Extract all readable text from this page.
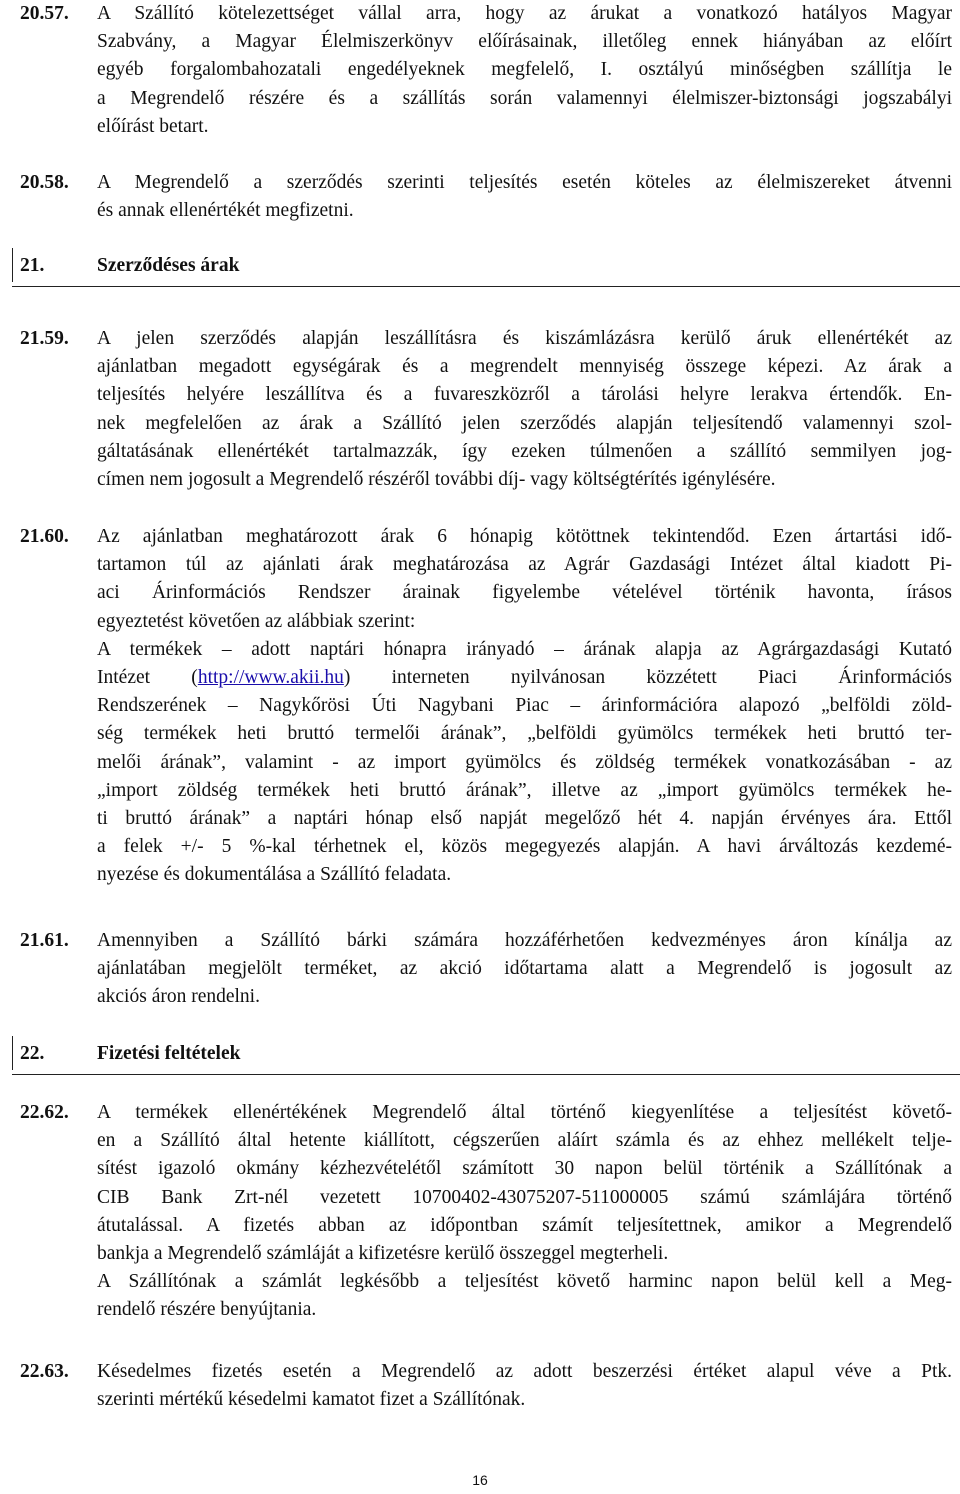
20.57.	A Szállító kötelezettséget vállal arra, hogy az árukat a vonatkozó hatályos Magyar
Szabvány, a Magyar Élelmiszerkönyv előírásainak, illetőleg ennek hiányában az előírt
egyéb forgalombahozatali engedélyeknek megfelelő, I. osztályú minőségben szállítja le
a Megrendelő részére és a szállítás során valamennyi élelmiszer-biztonsági jogszabályi
előírást betart.
20.58.	A Megrendelő a szerződés szerinti teljesítés esetén köteles az élelmiszereket átvenni
és annak ellenértékét megfizetni.
21.	Szerződéses árak
21.59.	A jelen szerződés alapján leszállításra és kiszámlázásra kerülő áruk ellenértékét az
ajánlatban megadott egységárak és a megrendelt mennyiség összege képezi. Az árak a
teljesítés helyére leszállítva és a fuvareszközről a tárolási helyre lerakva értendők. En-
nek megfelelően az árak a Szállító jelen szerződés alapján teljesítendő valamennyi szol-
gáltatásának ellenértékét tartalmazzák, így ezeken túlmenően a szállító semmilyen jog-
címen nem jogosult a Megrendelő részéről további díj- vagy költségtérítés igénylésére.
21.60.	Az ajánlatban meghatározott árak 6 hónapig kötöttnek tekintendőd. Ezen ártartási idő-
tartamon túl az ajánlati árak meghatározása az Agrár Gazdasági Intézet által kiadott Pi-
aci Árinformációs Rendszer árainak figyelembe vételével történik havonta, írásos
egyeztetést követően az alábbiak szerint:
A termékek – adott naptári hónapra irányadó – árának alapja az Agrárgazdasági Kutató
Intézet (http://www.akii.hu) interneten nyilvánosan közzétett Piaci Árinformációs
Rendszerének – Nagykőrösi Úti Nagybani Piac – árinformációra alapozó „belföldi zöld-
ség termékek heti bruttó termelői árának”, „belföldi gyümölcs termékek heti bruttó ter-
melői árának”, valamint - az import gyümölcs és zöldség termékek vonatkozásában - az
„import zöldség termékek heti bruttó árának”, illetve az „import gyümölcs termékek he-
ti bruttó árának” a naptári hónap első napját megelőző hét 4. napján érvényes ára. Ettől
a felek +/- 5 %-kal térhetnek el, közös megegyezés alapján. A havi árváltozás kezdemé-
nyezése és dokumentálása a Szállító feladata.
21.61.	Amennyiben a Szállító bárki számára hozzáférhetően kedvezményes áron kínálja az
ajánlatában megjelölt terméket, az akció időtartama alatt a Megrendelő is jogosult az
akciós áron rendelni.
22.	Fizetési feltételek
22.62.	A termékek ellenértékének Megrendelő által történő kiegyenlítése a teljesítést követő-
en a Szállító által hetente kiállított, cégszerűen aláírt számla és az ehhez mellékelt telje-
sítést igazoló okmány kézhezvételétől számított 30 napon belül történik a Szállítónak a
CIB Bank Zrt-nél vezetett 10700402-43075207-511000005 számú számlájára történő
átutalással. A fizetés abban az időpontban számít teljesítettnek, amikor a Megrendelő
bankja a Megrendelő számláját a kifizetésre kerülő összeggel megterheli.
A Szállítónak a számlát legkésőbb a teljesítést követő harminc napon belül kell a Meg-
rendelő részére benyújtania.
22.63.	Késedelmes fizetés esetén a Megrendelő az adott beszerzési értéket alapul véve a Ptk.
szerinti mértékű késedelmi kamatot fizet a Szállítónak.
16
